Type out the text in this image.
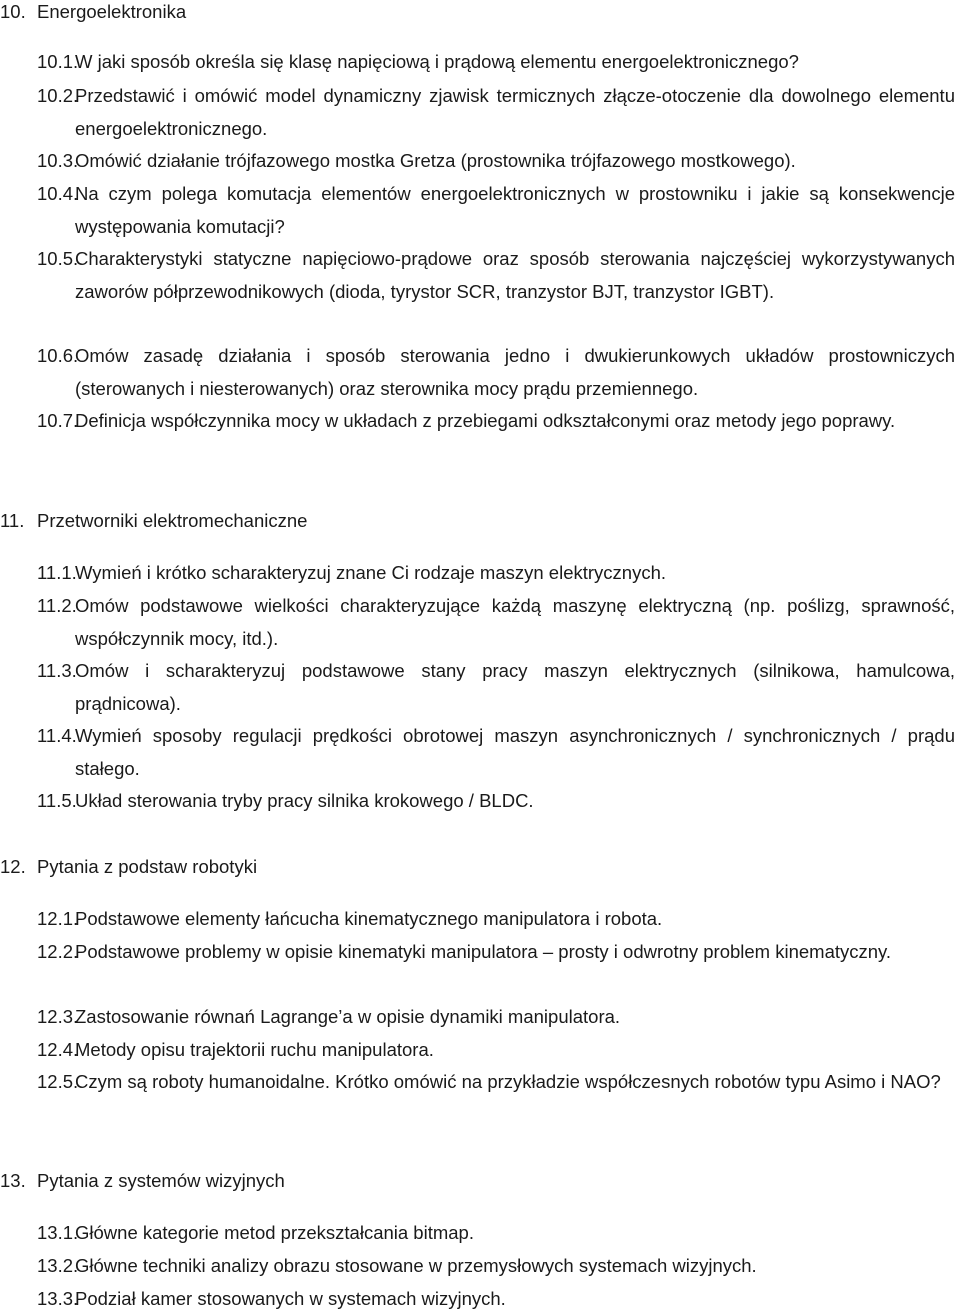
10. Energoelektronika
10.1.
W jaki sposób określa się klasę napięciową i prądową elementu energoelektronicznego?
10.2.
Przedstawić i omówić model dynamiczny zjawisk termicznych złącze-otoczenie dla dowolnego elementu energoelektronicznego.
10.3.
Omówić działanie trójfazowego mostka Gretza (prostownika trójfazowego mostkowego).
10.4.
Na czym polega komutacja elementów energoelektronicznych w prostowniku i jakie są konsekwencje występowania komutacji?
10.5.
Charakterystyki statyczne napięciowo-prądowe oraz sposób sterowania najczęściej wykorzystywanych zaworów półprzewodnikowych (dioda, tyrystor SCR, tranzystor BJT, tranzystor IGBT).
10.6.
Omów zasadę działania i sposób sterowania jedno i dwukierunkowych układów prostowniczych (sterowanych i niesterowanych) oraz sterownika mocy prądu przemiennego.
10.7.
Definicja współczynnika mocy w układach z przebiegami odkształconymi oraz metody jego poprawy.
11. Przetworniki elektromechaniczne
11.1.
Wymień i krótko scharakteryzuj znane Ci rodzaje maszyn elektrycznych.
11.2.
Omów podstawowe wielkości charakteryzujące każdą maszynę elektryczną (np. poślizg, sprawność, współczynnik mocy, itd.).
11.3.
Omów i scharakteryzuj podstawowe stany pracy maszyn elektrycznych (silnikowa, hamulcowa, prądnicowa).
11.4.
Wymień sposoby regulacji prędkości obrotowej maszyn asynchronicznych / synchronicznych / prądu stałego.
11.5.
Układ sterowania tryby pracy silnika krokowego / BLDC.
12. Pytania z podstaw robotyki
12.1.
Podstawowe elementy łańcucha kinematycznego manipulatora i robota.
12.2.
Podstawowe problemy w opisie kinematyki manipulatora – prosty i odwrotny problem kinematyczny.
12.3.
Zastosowanie równań Lagrange’a w opisie dynamiki manipulatora.
12.4.
Metody opisu trajektorii ruchu manipulatora.
12.5.
Czym są roboty humanoidalne. Krótko omówić na przykładzie współczesnych robotów typu Asimo i NAO?
13. Pytania z systemów wizyjnych
13.1.
Główne kategorie metod przekształcania bitmap.
13.2.
Główne techniki analizy obrazu stosowane w przemysłowych systemach wizyjnych.
13.3.
Podział kamer stosowanych w systemach wizyjnych.
